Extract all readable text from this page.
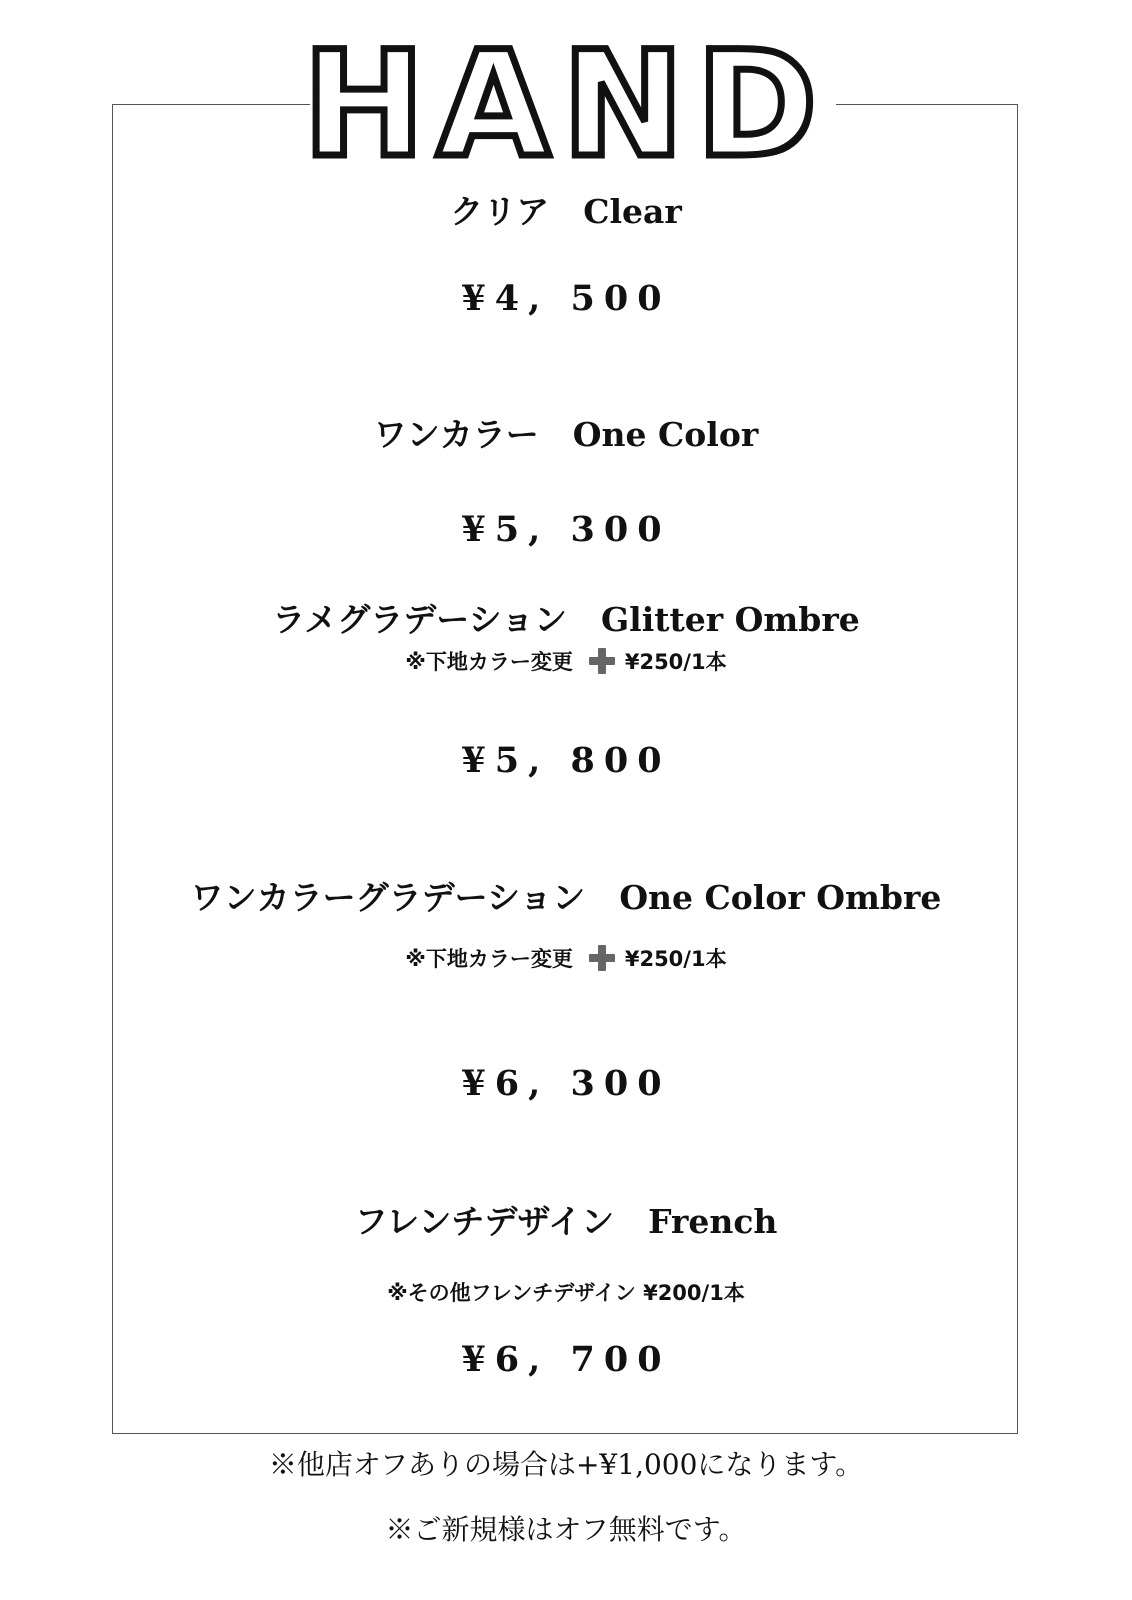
HAND
クリア Clear
¥4, 500
ワンカラー One Color
¥5, 300
ラメグラデーション Glitter Ombre
※下地カラー変更 ¥250/1本
¥5, 800
ワンカラーグラデーション One Color Ombre
※下地カラー変更 ¥250/1本
¥6, 300
フレンチデザイン French
※その他フレンチデザイン ¥200/1本
¥6, 700
※他店オフありの場合は+¥1,000になります。
※ご新規様はオフ無料です。
